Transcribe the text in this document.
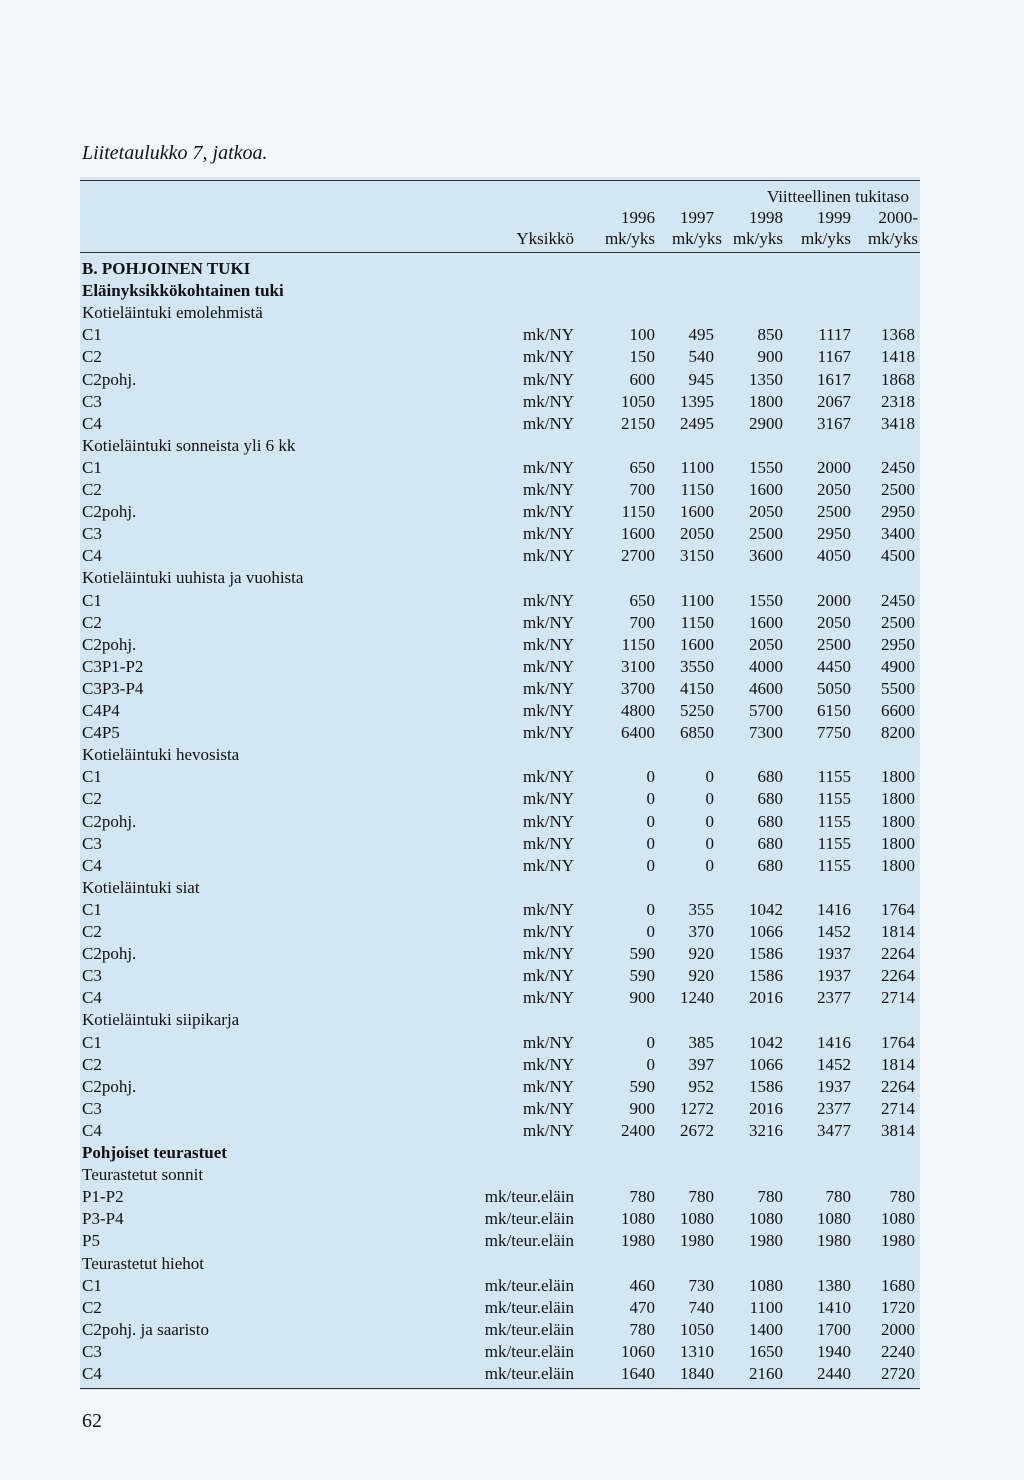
Liitetaulukko 7, jatkoa.
Viitteellinen tukitaso
1996 1997 1998 1999 2000-
Yksikkö mk/yks mk/yks mk/yks mk/yks mk/yks
B. POHJOINEN TUKI
Eläinyksikkökohtainen tuki
Kotieläintuki emolehmistä
C1	mk/NY	100 495	850 1117 1368
C2	mk/NY	150 540	900 1167 1418
C2pohj.	mk/NY	600 945 1350 1617 1868
C3	mk/NY	1050 1395 1800 2067 2318
C4	mk/NY	2150 2495 2900 3167 3418
Kotieläintuki sonneista yli 6 kk
C1	mk/NY	650 1100 1550 2000 2450
C2	mk/NY	700 1150 1600 2050 2500
C2pohj.	mk/NY	1150 1600 2050 2500 2950
C3	mk/NY	1600 2050 2500 2950 3400
C4	mk/NY	2700 3150 3600 4050 4500
Kotieläintuki uuhista ja vuohista
C1	mk/NY	650 1100 1550 2000 2450
C2	mk/NY	700 1150 1600 2050 2500
C2pohj.	mk/NY	1150 1600 2050 2500 2950
C3P1-P2	mk/NY	3100 3550 4000 4450 4900
C3P3-P4	mk/NY	3700 4150 4600 5050 5500
C4P4	mk/NY	4800 5250 5700 6150 6600
C4P5	mk/NY	6400 6850 7300 7750 8200
Kotieläintuki hevosista
C1	mk/NY	0	0	680 1155 1800
C2	mk/NY	0	0	680 1155 1800
C2pohj.	mk/NY	0	0	680 1155 1800
C3	mk/NY	0	0	680 1155 1800
C4	mk/NY	0	0	680 1155 1800
Kotieläintuki siat
C1	mk/NY	0 355 1042 1416 1764
C2	mk/NY	0 370 1066 1452 1814
C2pohj.	mk/NY	590 920 1586 1937 2264
C3	mk/NY	590 920 1586 1937 2264
C4	mk/NY	900 1240 2016 2377 2714
Kotieläintuki siipikarja
C1	mk/NY	0 385 1042 1416 1764
C2	mk/NY	0 397 1066 1452 1814
C2pohj.	mk/NY	590 952 1586 1937 2264
C3	mk/NY	900 1272 2016 2377 2714
C4	mk/NY	2400 2672 3216 3477 3814
Pohjoiset teurastuet
Teurastetut sonnit
P1-P2	mk/teur.eläin	780 780	780	780 780
P3-P4	mk/teur.eläin	1080 1080 1080 1080 1080
P5	mk/teur.eläin	1980 1980 1980 1980 1980
Teurastetut hiehot
C1	mk/teur.eläin	460 730 1080 1380 1680
C2	mk/teur.eläin	470 740 1100 1410 1720
C2pohj. ja saaristo	mk/teur.eläin	780 1050 1400 1700 2000
C3	mk/teur.eläin	1060 1310 1650 1940 2240
C4	mk/teur.eläin	1640 1840 2160 2440 2720
62
